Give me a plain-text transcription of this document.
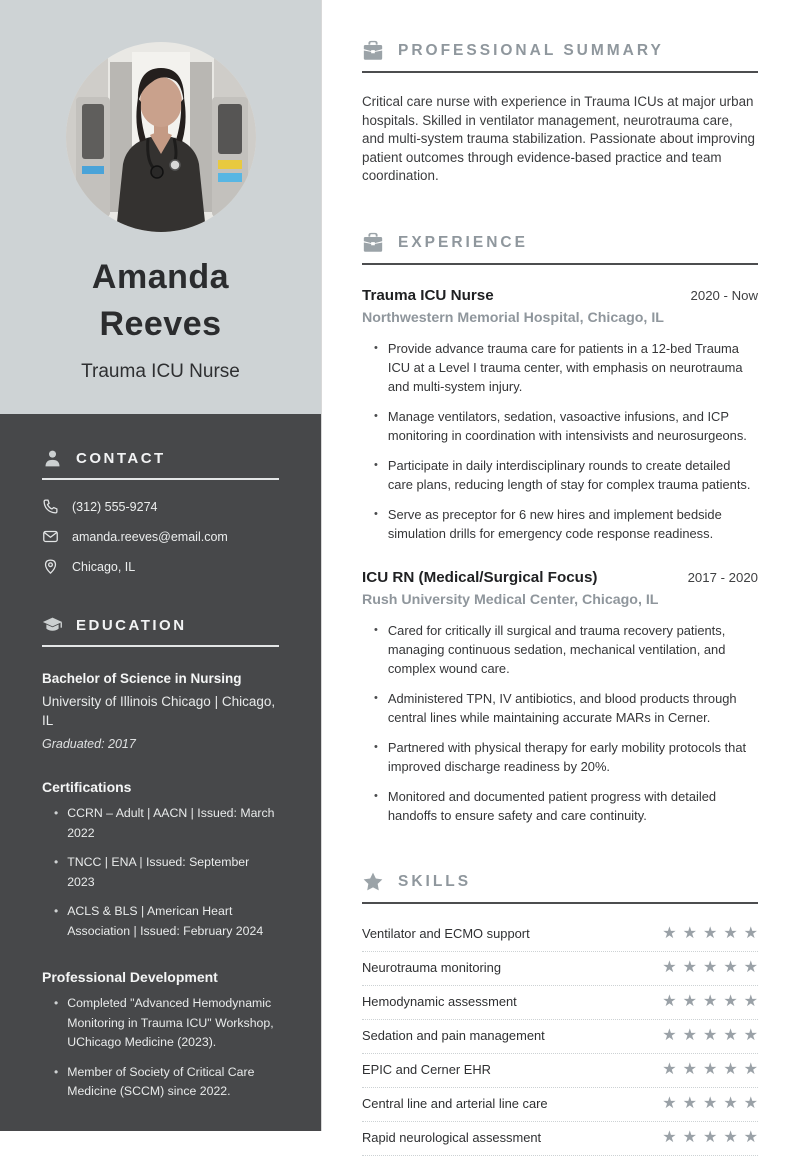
Amanda
Reeves
Trauma ICU Nurse
CONTACT
(312) 555-9274
amanda.reeves@email.com
Chicago, IL
EDUCATION
Bachelor of Science in Nursing
University of Illinois Chicago | Chicago, IL
Graduated: 2017
Certifications
• CCRN – Adult | AACN | Issued: March 2022
• TNCC | ENA | Issued: September 2023
• ACLS & BLS | American Heart Association | Issued: February 2024
Professional Development
• Completed "Advanced Hemodynamic Monitoring in Trauma ICU" Workshop, UChicago Medicine (2023).
• Member of Society of Critical Care Medicine (SCCM) since 2022.
PROFESSIONAL SUMMARY

Critical care nurse with experience in Trauma ICUs at major urban hospitals. Skilled in ventilator management, neurotrauma care, and multi-system trauma stabilization. Passionate about improving patient outcomes through evidence-based practice and team coordination.

EXPERIENCE
Trauma ICU Nurse	2020 - Now
Northwestern Memorial Hospital, Chicago, IL
• Provide advance trauma care for patients in a 12-bed Trauma ICU at a Level I trauma center, with emphasis on neurotrauma and multi-system injury.
• Manage ventilators, sedation, vasoactive infusions, and ICP monitoring in coordination with intensivists and neurosurgeons.
• Participate in daily interdisciplinary rounds to create detailed care plans, reducing length of stay for complex trauma patients.
• Serve as preceptor for 6 new hires and implement bedside simulation drills for emergency code response readiness.
ICU RN (Medical/Surgical Focus)	2017 - 2020
Rush University Medical Center, Chicago, IL
• Cared for critically ill surgical and trauma recovery patients, managing continuous sedation, mechanical ventilation, and complex wound care.
• Administered TPN, IV antibiotics, and blood products through central lines while maintaining accurate MARs in Cerner.
• Partnered with physical therapy for early mobility protocols that improved discharge readiness by 20%.
• Monitored and documented patient progress with detailed handoffs to ensure safety and care continuity.
SKILLS
Ventilator and ECMO support	★★★★★
Neurotrauma monitoring	★★★★★
Hemodynamic assessment	★★★★★
Sedation and pain management	★★★★★
EPIC and Cerner EHR	★★★★★
Central line and arterial line care	★★★★★
Rapid neurological assessment	★★★★★
